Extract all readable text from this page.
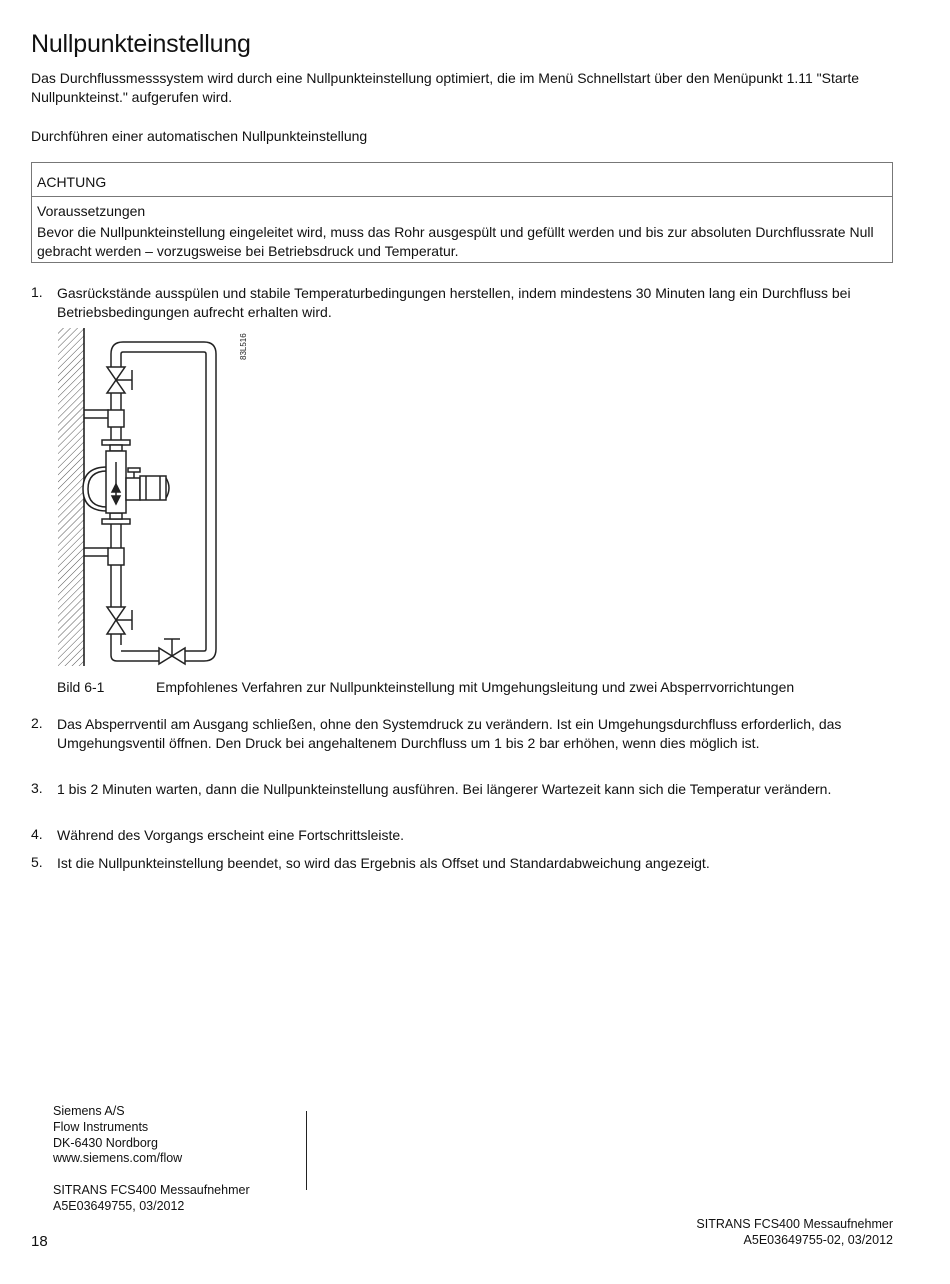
Nullpunkteinstellung
Das Durchflussmesssystem wird durch eine Nullpunkteinstellung optimiert, die im Menü Schnellstart über den Menüpunkt 1.11 "Starte Nullpunkteinst." aufgerufen wird.
Durchführen einer automatischen Nullpunkteinstellung
ACHTUNG
Voraussetzungen
Bevor die Nullpunkteinstellung eingeleitet wird, muss das Rohr ausgespült und gefüllt werden und bis zur absoluten Durchflussrate Null gebracht werden – vorzugsweise bei Betriebsdruck und Temperatur.
1.	Gasrückstände ausspülen und stabile Temperaturbedingungen herstellen, indem mindestens 30 Minuten lang ein Durchfluss bei Betriebsbedingungen aufrecht erhalten wird.
2.	Das Absperrventil am Ausgang schließen, ohne den Systemdruck zu verändern. Ist ein Umgehungsdurchfluss erforderlich, das Umgehungsventil öffnen. Den Druck bei angehaltenem Durchfluss um 1 bis 2 bar erhöhen, wenn dies möglich ist.
3.	1 bis 2 Minuten warten, dann die Nullpunkteinstellung ausführen. Bei längerer Wartezeit kann sich die Temperatur verändern.
4.	Während des Vorgangs erscheint eine Fortschrittsleiste.
5.	Ist die Nullpunkteinstellung beendet, so wird das Ergebnis als Offset und Standardabweichung angezeigt.
83L516
Bild 6-1	Empfohlenes Verfahren zur Nullpunkteinstellung mit Umgehungsleitung und zwei Absperrvorrichtungen
Siemens A/S
Flow Instruments
DK-6430 Nordborg
www.siemens.com/flow
SITRANS FCS400 Messaufnehmer
A5E03649755, 03/2012
18
SITRANS FCS400 Messaufnehmer
A5E03649755-02, 03/2012
